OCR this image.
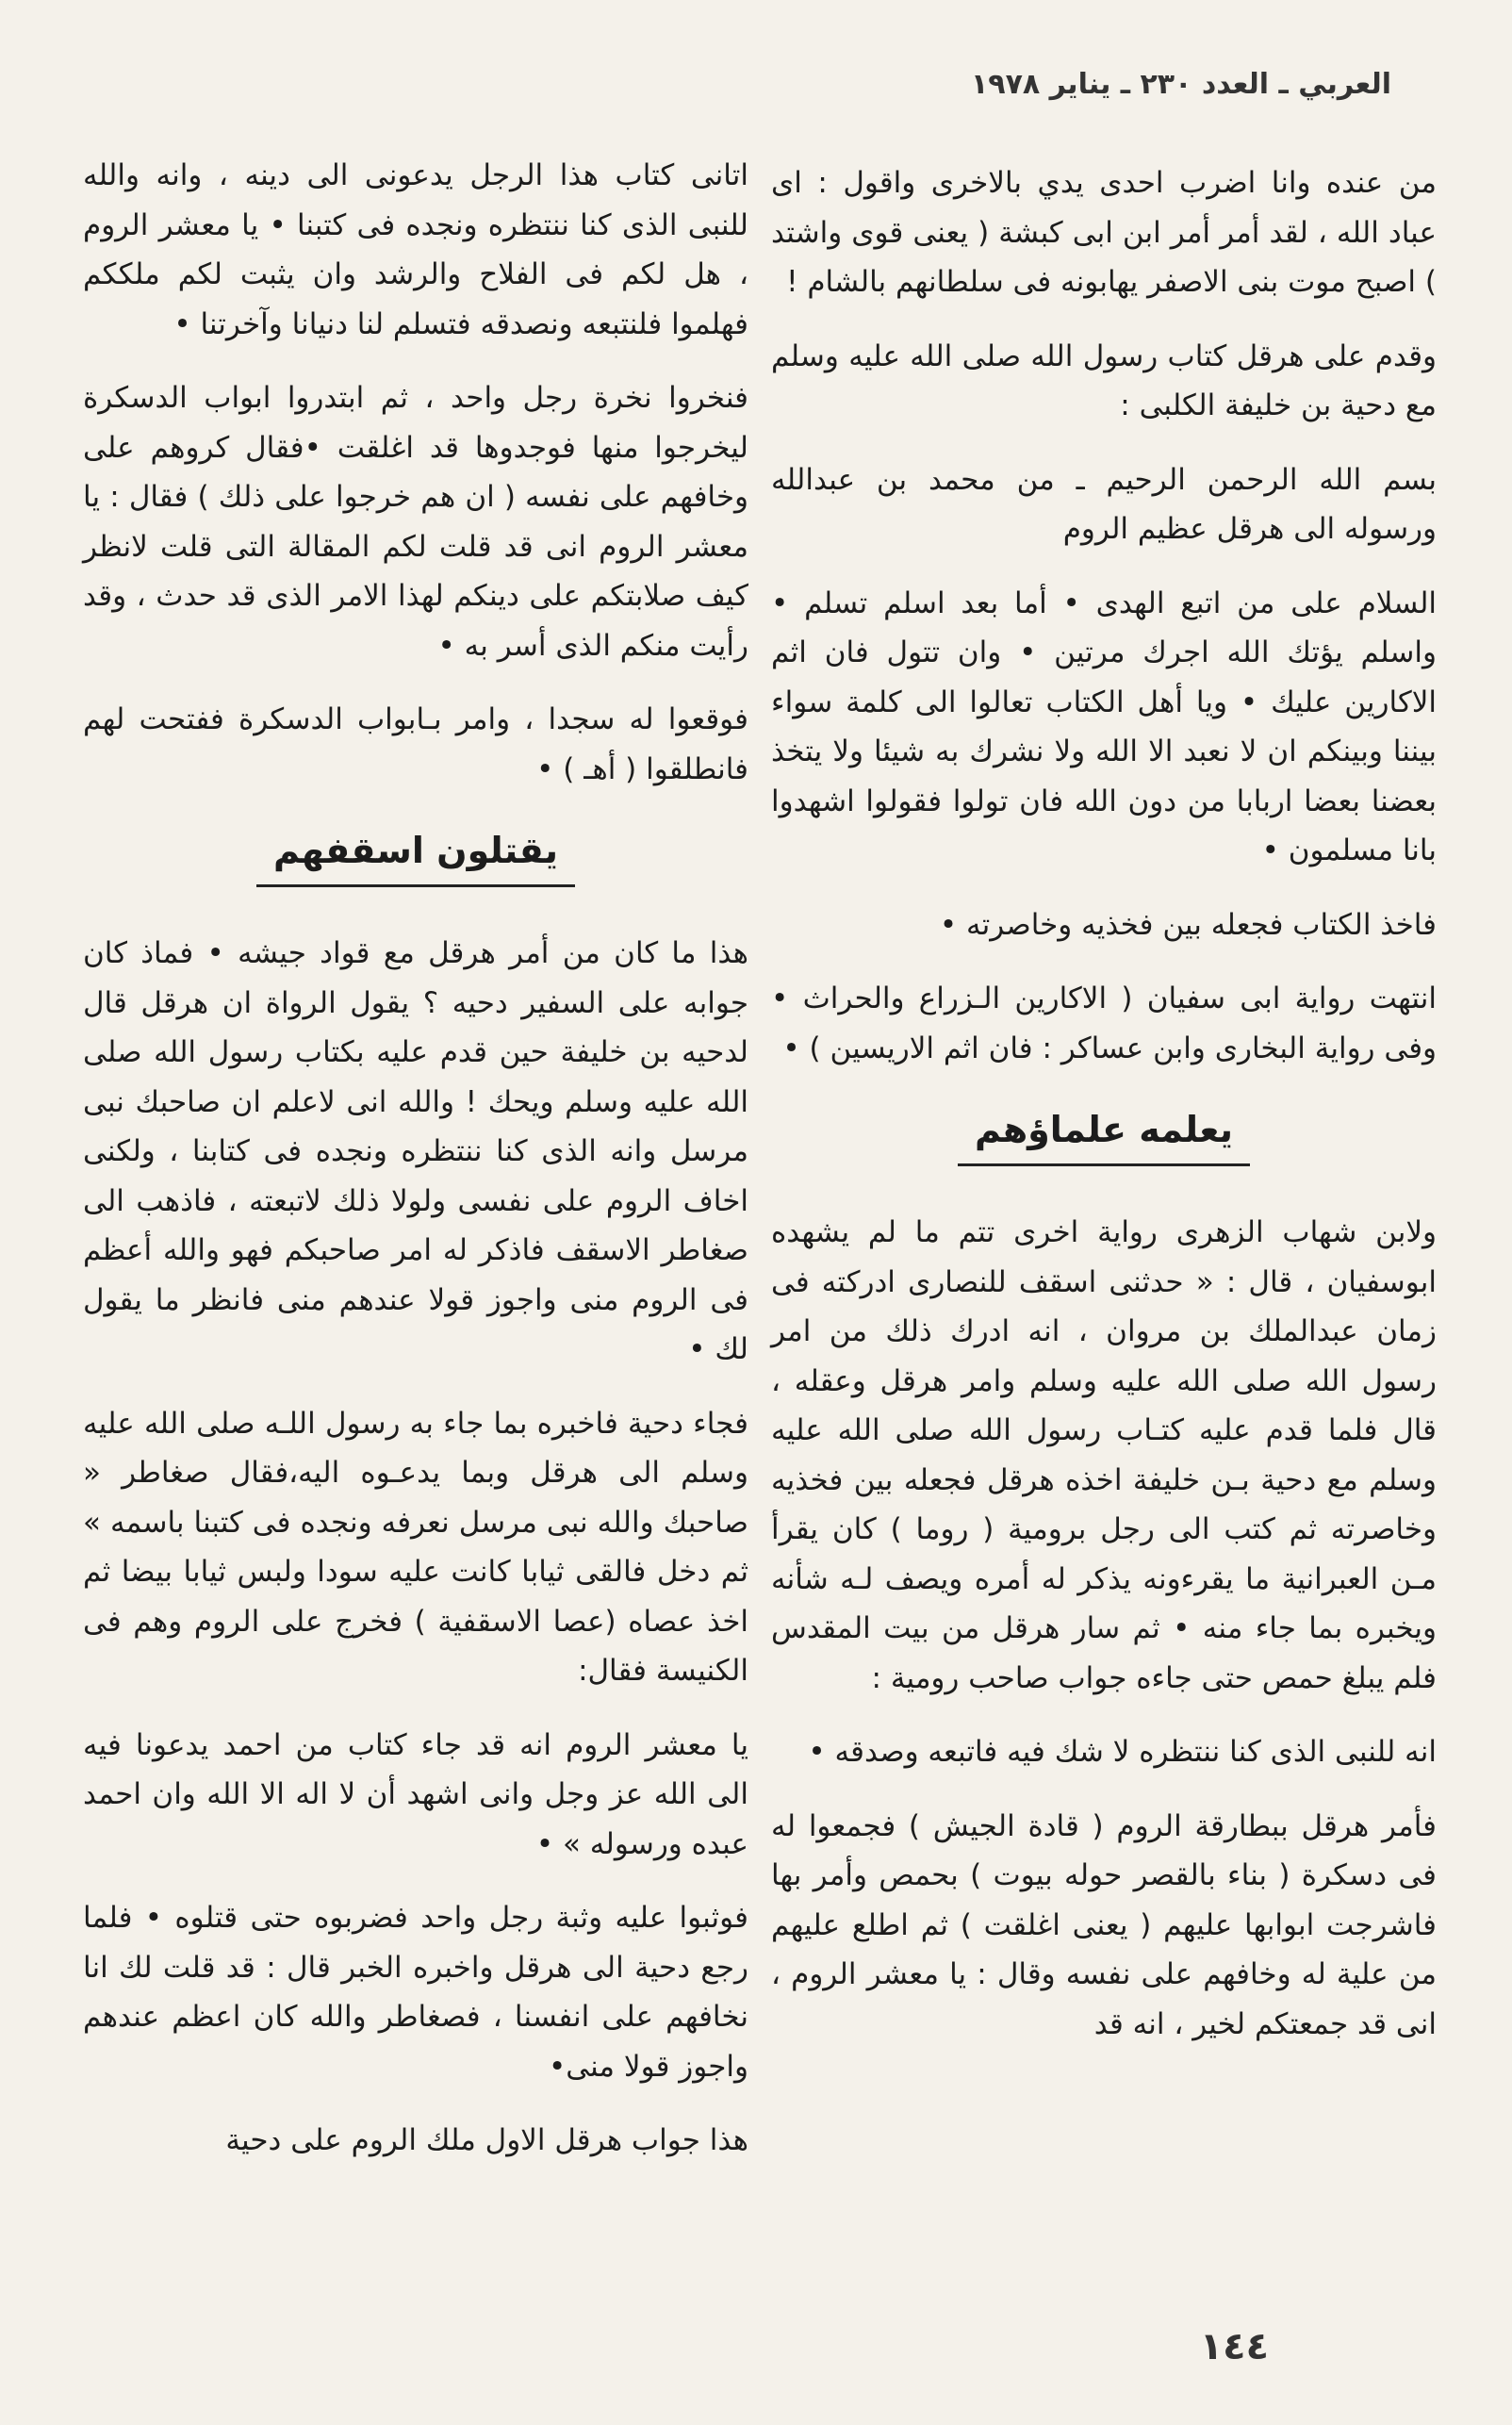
العربي ـ العدد ٢٣٠ ـ يناير ١٩٧٨

من عنده وانا اضرب احدى يدي بالاخرى واقول : اى عباد الله ، لقد أمر أمر ابن ابى كبشة ( يعنى قوى واشتد ) اصبح موت بنى الاصفر يهابونه فى سلطانهم بالشام !

وقدم على هرقل كتاب رسول الله صلى الله عليه وسلم مع دحية بن خليفة الكلبى :

بسم الله الرحمن الرحيم ـ من محمد بن عبدالله ورسوله الى هرقل عظيم الروم

السلام على من اتبع الهدى • أما بعد اسلم تسلم • واسلم يؤتك الله اجرك مرتين • وان تتول فان اثم الاكارين عليك • ويا أهل الكتاب تعالوا الى كلمة سواء بيننا وبينكم ان لا نعبد الا الله ولا نشرك به شيئا ولا يتخذ بعضنا بعضا اربابا من دون الله فان تولوا فقولوا اشهدوا بانا مسلمون •

فاخذ الكتاب فجعله بين فخذيه وخاصرته •

انتهت رواية ابى سفيان ( الاكارين الـزراع والحراث • وفى رواية البخارى وابن عساكر : فان اثم الاريسين ) •

يعلمه علماؤهم

ولابن شهاب الزهرى رواية اخرى تتم ما لم يشهده ابوسفيان ، قال : « حدثنى اسقف للنصارى ادركته فى زمان عبدالملك بن مروان ، انه ادرك ذلك من امر رسول الله صلى الله عليه وسلم وامر هرقل وعقله ، قال فلما قدم عليه كتـاب رسول الله صلى الله عليه وسلم مع دحية بـن خليفة اخذه هرقل فجعله بين فخذيه وخاصرته ثم كتب الى رجل برومية ( روما ) كان يقرأ مـن العبرانية ما يقرءونه يذكر له أمره ويصف لـه شأنه ويخبره بما جاء منه • ثم سار هرقل من بيت المقدس فلم يبلغ حمص حتى جاءه جواب صاحب رومية :

انه للنبى الذى كنا ننتظره لا شك فيه فاتبعه وصدقه •

فأمر هرقل ببطارقة الروم ( قادة الجيش ) فجمعوا له فى دسكرة ( بناء بالقصر حوله بيوت ) بحمص وأمر بها فاشرجت ابوابها عليهم ( يعنى اغلقت ) ثم اطلع عليهم من علية له وخافهم على نفسه وقال : يا معشر الروم ، انى قد جمعتكم لخير ، انه قد

اتانى كتاب هذا الرجل يدعونى الى دينه ، وانه والله للنبى الذى كنا ننتظره ونجده فى كتبنا • يا معشر الروم ، هل لكم فى الفلاح والرشد وان يثبت لكم ملككم فهلموا فلنتبعه ونصدقه فتسلم لنا دنيانا وآخرتنا •

فنخروا نخرة رجل واحد ، ثم ابتدروا ابواب الدسكرة ليخرجوا منها فوجدوها قد اغلقت •فقال كروهم على وخافهم على نفسه ( ان هم خرجوا على ذلك ) فقال : يا معشر الروم انى قد قلت لكم المقالة التى قلت لانظر كيف صلابتكم على دينكم لهذا الامر الذى قد حدث ، وقد رأيت منكم الذى أسر به •

فوقعوا له سجدا ، وامر بـابواب الدسكرة ففتحت لهم فانطلقوا ( أهـ ) •

يقتلون اسقفهم

هذا ما كان من أمر هرقل مع قواد جيشه • فماذ كان جوابه على السفير دحيه ؟ يقول الرواة ان هرقل قال لدحيه بن خليفة حين قدم عليه بكتاب رسول الله صلى الله عليه وسلم ويحك ! والله انى لاعلم ان صاحبك نبى مرسل وانه الذى كنا ننتظره ونجده فى كتابنا ، ولكنى اخاف الروم على نفسى ولولا ذلك لاتبعته ، فاذهب الى صغاطر الاسقف فاذكر له امر صاحبكم فهو والله أعظم فى الروم منى واجوز قولا عندهم منى فانظر ما يقول لك •

فجاء دحية فاخبره بما جاء به رسول اللـه صلى الله عليه وسلم الى هرقل وبما يدعـوه اليه،فقال صغاطر « صاحبك والله نبى مرسل نعرفه ونجده فى كتبنا باسمه » ثم دخل فالقى ثيابا كانت عليه سودا ولبس ثيابا بيضا ثم اخذ عصاه (عصا الاسقفية ) فخرج على الروم وهم فى الكنيسة فقال:

يا معشر الروم انه قد جاء كتاب من احمد يدعونا فيه الى الله عز وجل وانى اشهد أن لا اله الا الله وان احمد عبده ورسوله » •

فوثبوا عليه وثبة رجل واحد فضربوه حتى قتلوه • فلما رجع دحية الى هرقل واخبره الخبر قال : قد قلت لك انا نخافهم على انفسنا ، فصغاطر والله كان اعظم عندهم واجوز قولا منى•

هذا جواب هرقل الاول ملك الروم على دحية

١٤٤
